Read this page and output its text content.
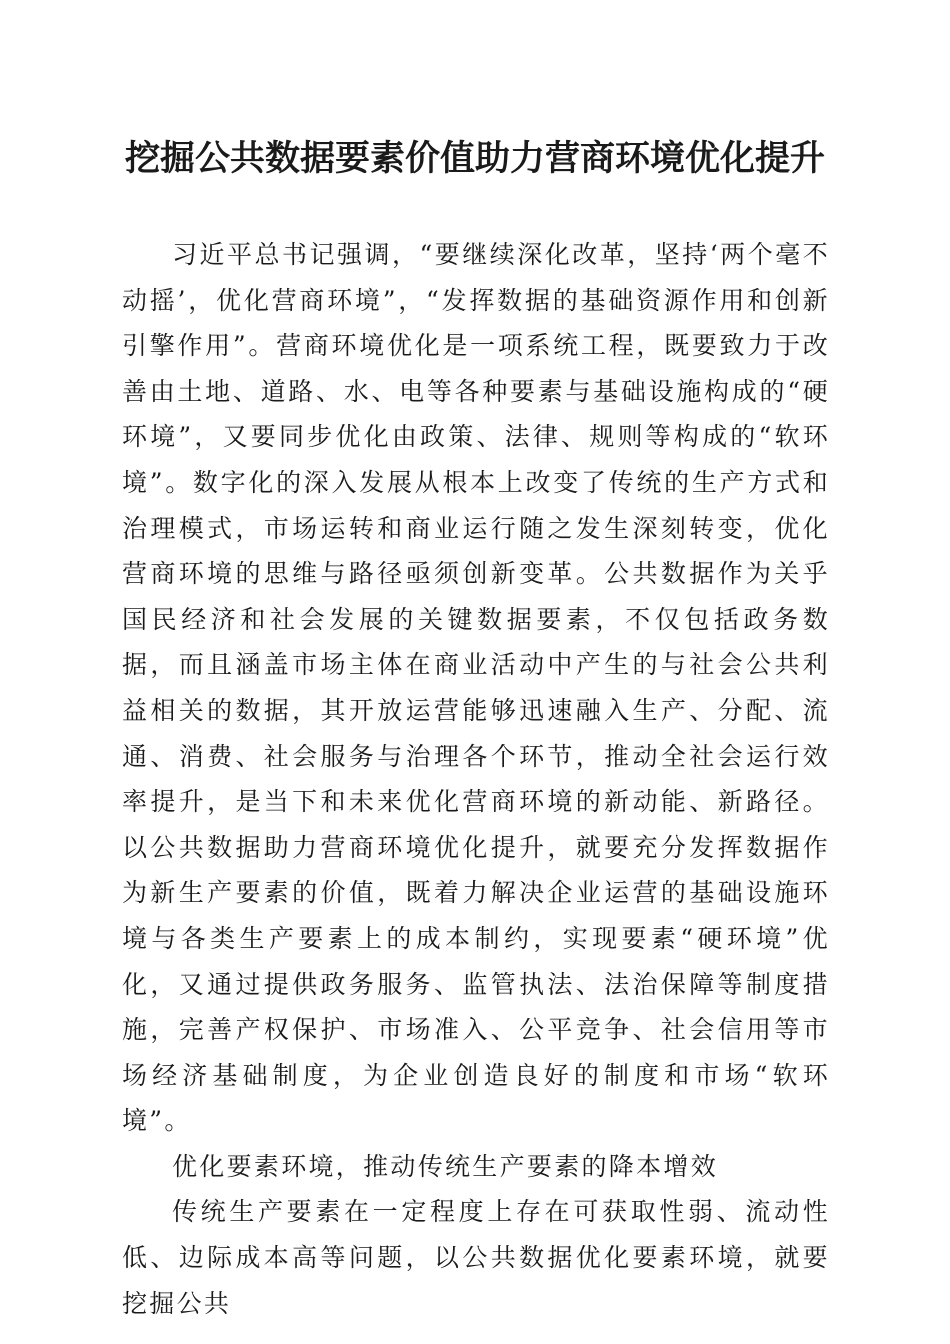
挖掘公共数据要素价值助力营商环境优化提升

习近平总书记强调，“要继续深化改革，坚持‘两个毫不动摇’，优化营商环境”，“发挥数据的基础资源作用和创新引擎作用”。营商环境优化是一项系统工程，既要致力于改善由土地、道路、水、电等各种要素与基础设施构成的“硬环境”，又要同步优化由政策、法律、规则等构成的“软环境”。数字化的深入发展从根本上改变了传统的生产方式和治理模式，市场运转和商业运行随之发生深刻转变，优化营商环境的思维与路径亟须创新变革。公共数据作为关乎国民经济和社会发展的关键数据要素，不仅包括政务数据，而且涵盖市场主体在商业活动中产生的与社会公共利益相关的数据，其开放运营能够迅速融入生产、分配、流通、消费、社会服务与治理各个环节，推动全社会运行效率提升，是当下和未来优化营商环境的新动能、新路径。以公共数据助力营商环境优化提升，就要充分发挥数据作为新生产要素的价值，既着力解决企业运营的基础设施环境与各类生产要素上的成本制约，实现要素“硬环境”优化，又通过提供政务服务、监管执法、法治保障等制度措施，完善产权保护、市场准入、公平竞争、社会信用等市场经济基础制度，为企业创造良好的制度和市场“软环境”。

优化要素环境，推动传统生产要素的降本增效

传统生产要素在一定程度上存在可获取性弱、流动性低、边际成本高等问题，以公共数据优化要素环境，就要挖掘公共
